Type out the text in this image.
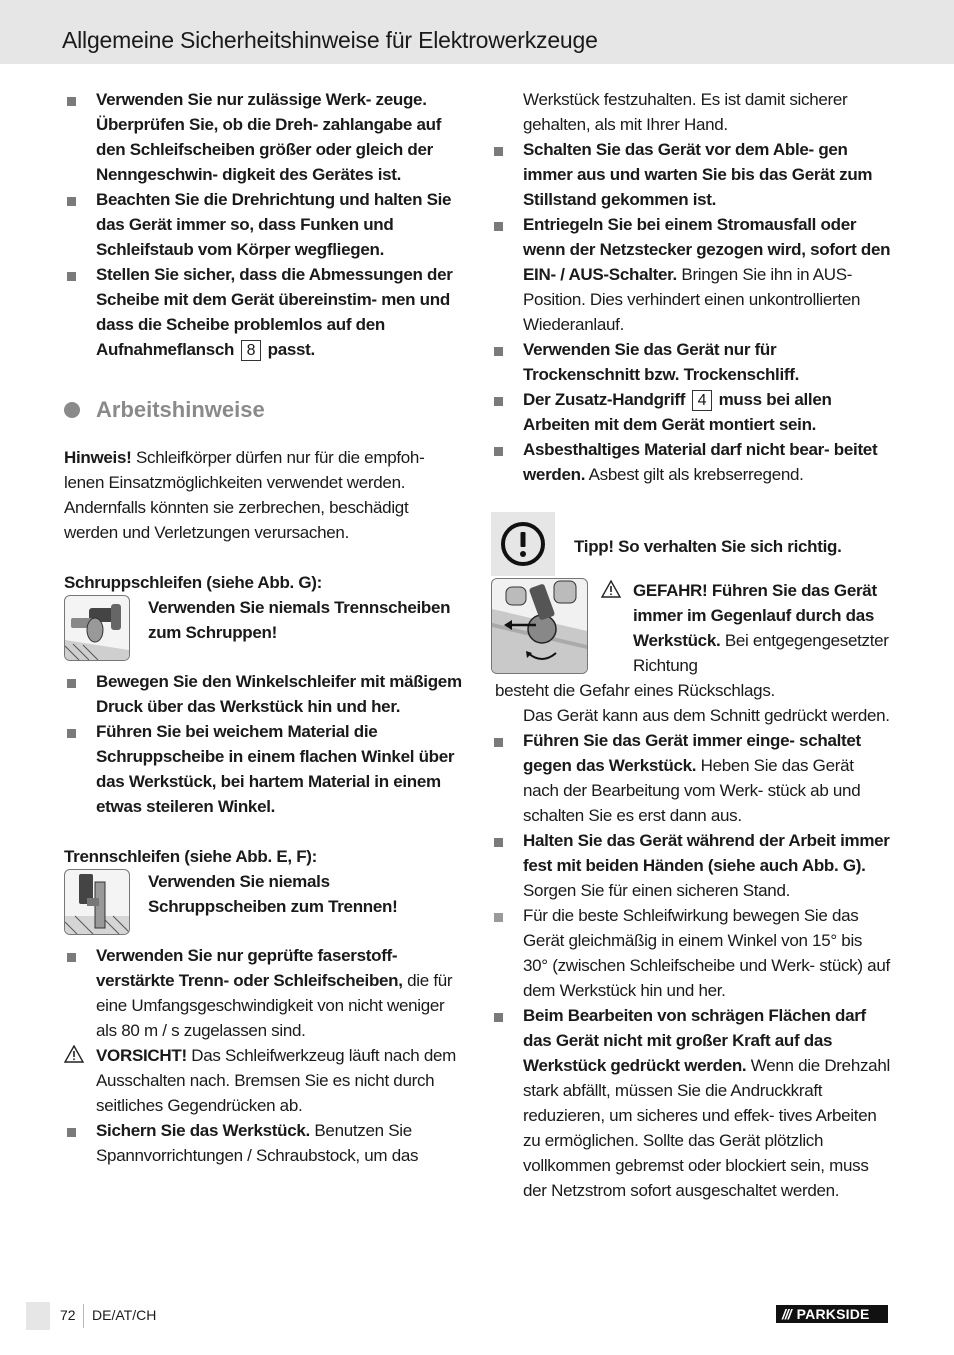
Allgemeine Sicherheitshinweise für Elektrowerkzeuge

Verwenden Sie nur zulässige Werk- zeuge. Überprüfen Sie, ob die Dreh- zahlangabe auf den Schleifscheiben größer oder gleich der Nenngeschwin- digkeit des Gerätes ist.

Beachten Sie die Drehrichtung und halten Sie das Gerät immer so, dass Funken und Schleifstaub vom Körper wegfliegen.

Stellen Sie sicher, dass die Abmessungen der Scheibe mit dem Gerät übereinstim- men und dass die Scheibe problemlos auf den Aufnahmeflansch 8 passt.

Arbeitshinweise

Hinweis! Schleifkörper dürfen nur für die empfoh- lenen Einsatzmöglichkeiten verwendet werden. Andernfalls könnten sie zerbrechen, beschädigt werden und Verletzungen verursachen.

Schruppschleifen (siehe Abb. G):

Verwenden Sie niemals Trennscheiben zum Schruppen!

Bewegen Sie den Winkelschleifer mit mäßigem Druck über das Werkstück hin und her.

Führen Sie bei weichem Material die Schruppscheibe in einem flachen Winkel über das Werkstück, bei hartem Material in einem etwas steileren Winkel.

Trennschleifen (siehe Abb. E, F):

Verwenden Sie niemals Schruppscheiben zum Trennen!

Verwenden Sie nur geprüfte faserstoff- verstärkte Trenn- oder Schleifscheiben, die für eine Umfangsgeschwindigkeit von nicht weniger als 80 m / s zugelassen sind.

VORSICHT! Das Schleifwerkzeug läuft nach dem Ausschalten nach. Bremsen Sie es nicht durch seitliches Gegendrücken ab.

Sichern Sie das Werkstück. Benutzen Sie Spannvorrichtungen / Schraubstock, um das

Werkstück festzuhalten. Es ist damit sicherer gehalten, als mit Ihrer Hand.

Schalten Sie das Gerät vor dem Able- gen immer aus und warten Sie bis das Gerät zum Stillstand gekommen ist.

Entriegeln Sie bei einem Stromausfall oder wenn der Netzstecker gezogen wird, sofort den EIN- / AUS-Schalter. Bringen Sie ihn in AUS-Position. Dies verhindert einen unkontrollierten Wiederanlauf.

Verwenden Sie das Gerät nur für Trockenschnitt bzw. Trockenschliff.

Der Zusatz-Handgriff 4 muss bei allen Arbeiten mit dem Gerät montiert sein.

Asbesthaltiges Material darf nicht bear- beitet werden. Asbest gilt als krebserregend.

Tipp! So verhalten Sie sich richtig.

GEFAHR! Führen Sie das Gerät immer im Gegenlauf durch das Werkstück. Bei entgegengesetzter Richtung

besteht die Gefahr eines Rückschlags.

Das Gerät kann aus dem Schnitt gedrückt werden.

Führen Sie das Gerät immer einge- schaltet gegen das Werkstück. Heben Sie das Gerät nach der Bearbeitung vom Werk- stück ab und schalten Sie es erst dann aus.

Halten Sie das Gerät während der Arbeit immer fest mit beiden Händen (siehe auch Abb. G). Sorgen Sie für einen sicheren Stand.

Für die beste Schleifwirkung bewegen Sie das Gerät gleichmäßig in einem Winkel von 15° bis 30° (zwischen Schleifscheibe und Werk- stück) auf dem Werkstück hin und her.

Beim Bearbeiten von schrägen Flächen darf das Gerät nicht mit großer Kraft auf das Werkstück gedrückt werden. Wenn die Drehzahl stark abfällt, müssen Sie die Andruckkraft reduzieren, um sicheres und effek- tives Arbeiten zu ermöglichen. Sollte das Gerät plötzlich vollkommen gebremst oder blockiert sein, muss der Netzstrom sofort ausgeschaltet werden.

72 DE/AT/CH	/// PARKSIDE
